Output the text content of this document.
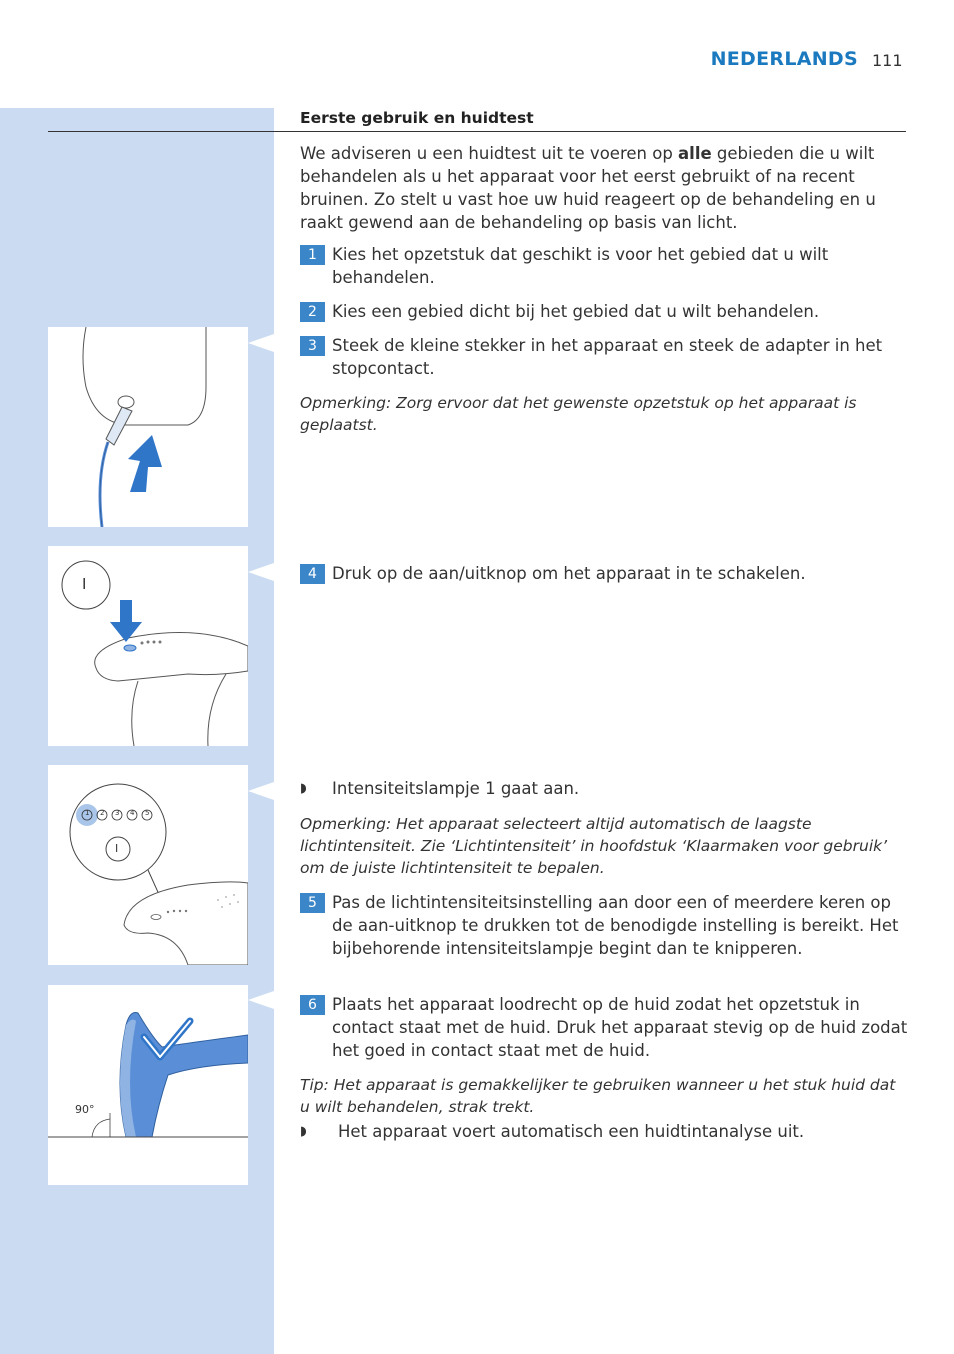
NEDERLANDS 111
Eerste gebruik en huidtest
We adviseren u een huidtest uit te voeren op alle gebieden die u wilt behandelen als u het apparaat voor het eerst gebruikt of na recent bruinen. Zo stelt u vast hoe uw huid reageert op de behandeling en u raakt gewend aan de behandeling op basis van licht.
1 Kies het opzetstuk dat geschikt is voor het gebied dat u wilt behandelen.
2 Kies een gebied dicht bij het gebied dat u wilt behandelen.
3 Steek de kleine stekker in het apparaat en steek de adapter in het stopcontact.
Opmerking: Zorg ervoor dat het gewenste opzetstuk op het apparaat is geplaatst.
4 Druk op de aan/uitknop om het apparaat in te schakelen.
◗ Intensiteitslampje 1 gaat aan.
Opmerking: Het apparaat selecteert altijd automatisch de laagste lichtintensiteit. Zie ‘Lichtintensiteit’ in hoofdstuk ‘Klaarmaken voor gebruik’ om de juiste lichtintensiteit te bepalen.
5 Pas de lichtintensiteitsinstelling aan door een of meerdere keren op de aan-uitknop te drukken tot de benodigde instelling is bereikt. Het bijbehorende intensiteitslampje begint dan te knipperen.
6 Plaats het apparaat loodrecht op de huid zodat het opzetstuk in contact staat met de huid. Druk het apparaat stevig op de huid zodat het goed in contact staat met de huid.
Tip: Het apparaat is gemakkelijker te gebruiken wanneer u het stuk huid dat u wilt behandelen, strak trekt.
◗ Het apparaat voert automatisch een huidtintanalyse uit.
I
1 2 3 4 5
I
90°
